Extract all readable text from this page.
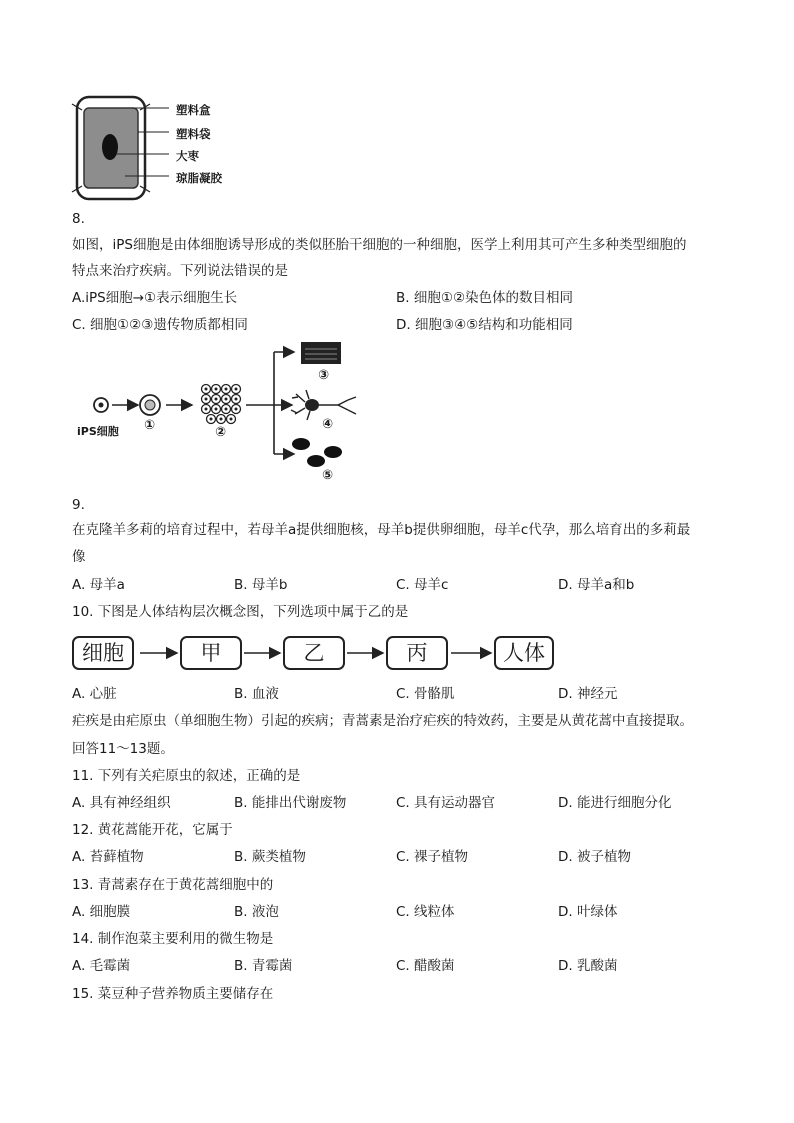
塑料盒
塑料袋
大枣
琼脂凝胶
8.
如图，iPS细胞是由体细胞诱导形成的类似胚胎干细胞的一种细胞，医学上利用其可产生多种类型细胞的
特点来治疗疾病。下列说法错误的是
A.iPS细胞→①表示细胞生长	B. 细胞①②染色体的数目相同
C. 细胞①②③遗传物质都相同	D. 细胞③④⑤结构和功能相同
iPS细胞 ①	②
③
④
⑤
9.
在克隆羊多莉的培育过程中，若母羊a提供细胞核，母羊b提供卵细胞，母羊c代孕，那么培育出的多莉最
像
A. 母羊a	B. 母羊b	C. 母羊c	D. 母羊a和b
10. 下图是人体结构层次概念图，下列选项中属于乙的是
细胞	甲	乙	丙	人体
A. 心脏	B. 血液	C. 骨骼肌	D. 神经元
疟疾是由疟原虫（单细胞生物）引起的疾病；青蒿素是治疗疟疾的特效药，主要是从黄花蒿中直接提取。
回答11～13题。
11. 下列有关疟原虫的叙述，正确的是
A. 具有神经组织	B. 能排出代谢废物	C. 具有运动器官	D. 能进行细胞分化
12. 黄花蒿能开花，它属于
A. 苔藓植物	B. 蕨类植物	C. 裸子植物	D. 被子植物
13. 青蒿素存在于黄花蒿细胞中的
A. 细胞膜	B. 液泡	C. 线粒体	D. 叶绿体
14. 制作泡菜主要利用的微生物是
A. 毛霉菌	B. 青霉菌	C. 醋酸菌	D. 乳酸菌
15. 菜豆种子营养物质主要储存在
